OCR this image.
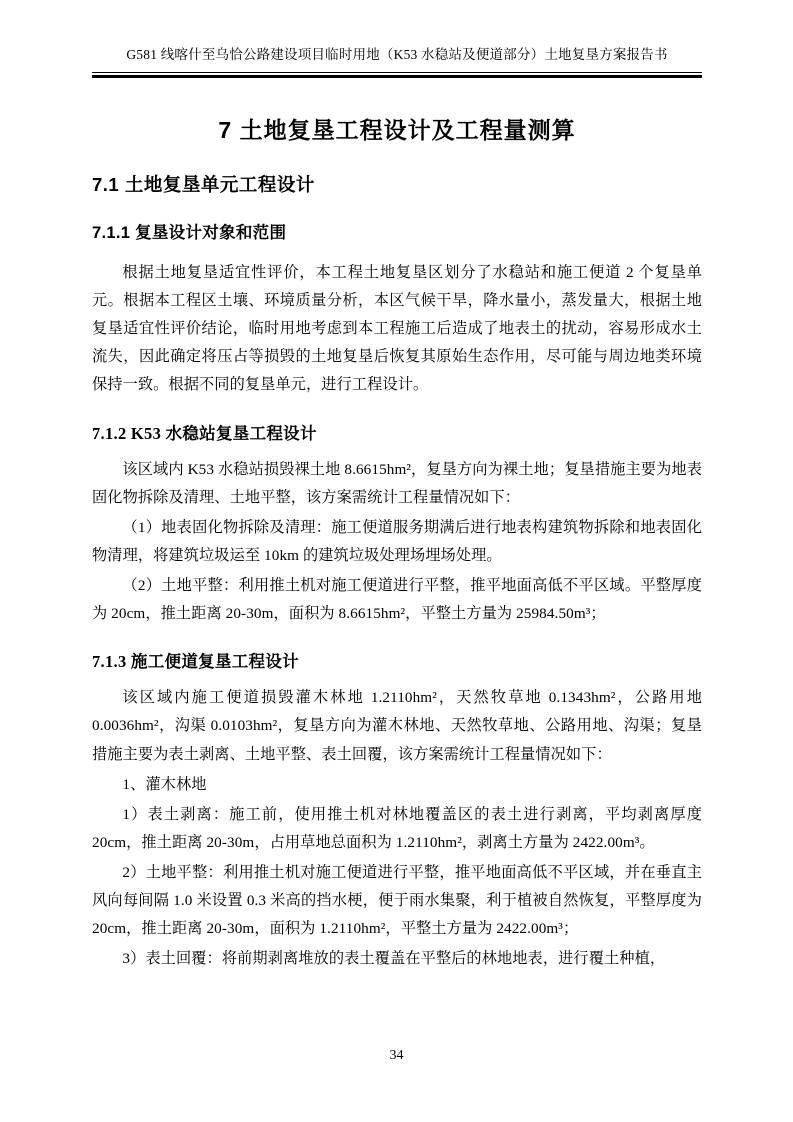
G581 线喀什至乌恰公路建设项目临时用地（K53 水稳站及便道部分）土地复垦方案报告书
7 土地复垦工程设计及工程量测算
7.1 土地复垦单元工程设计
7.1.1 复垦设计对象和范围

根据土地复垦适宜性评价，本工程土地复垦区划分了水稳站和施工便道 2 个复垦单元。根据本工程区土壤、环境质量分析，本区气候干旱，降水量小，蒸发量大，根据土地复垦适宜性评价结论，临时用地考虑到本工程施工后造成了地表土的扰动，容易形成水土流失，因此确定将压占等损毁的土地复垦后恢复其原始生态作用，尽可能与周边地类环境保持一致。根据不同的复垦单元，进行工程设计。

7.1.2 K53 水稳站复垦工程设计

该区域内 K53 水稳站损毁裸土地 8.6615hm²，复垦方向为裸土地；复垦措施主要为地表固化物拆除及清理、土地平整，该方案需统计工程量情况如下：

（1）地表固化物拆除及清理：施工便道服务期满后进行地表构建筑物拆除和地表固化物清理，将建筑垃圾运至 10km 的建筑垃圾处理场埋场处理。

（2）土地平整：利用推土机对施工便道进行平整，推平地面高低不平区域。平整厚度为 20cm，推土距离 20-30m，面积为 8.6615hm²，平整土方量为 25984.50m³；

7.1.3 施工便道复垦工程设计

该区域内施工便道损毁灌木林地 1.2110hm²，天然牧草地 0.1343hm²，公路用地 0.0036hm²，沟渠 0.0103hm²，复垦方向为灌木林地、天然牧草地、公路用地、沟渠；复垦措施主要为表土剥离、土地平整、表土回覆，该方案需统计工程量情况如下：

1、灌木林地

1）表土剥离：施工前，使用推土机对林地覆盖区的表土进行剥离，平均剥离厚度 20cm，推土距离 20-30m，占用草地总面积为 1.2110hm²，剥离土方量为 2422.00m³。

2）土地平整：利用推土机对施工便道进行平整，推平地面高低不平区域，并在垂直主风向每间隔 1.0 米设置 0.3 米高的挡水梗，便于雨水集聚，利于植被自然恢复，平整厚度为 20cm，推土距离 20-30m，面积为 1.2110hm²，平整土方量为 2422.00m³；

3）表土回覆：将前期剥离堆放的表土覆盖在平整后的林地地表，进行覆土种植，

34
